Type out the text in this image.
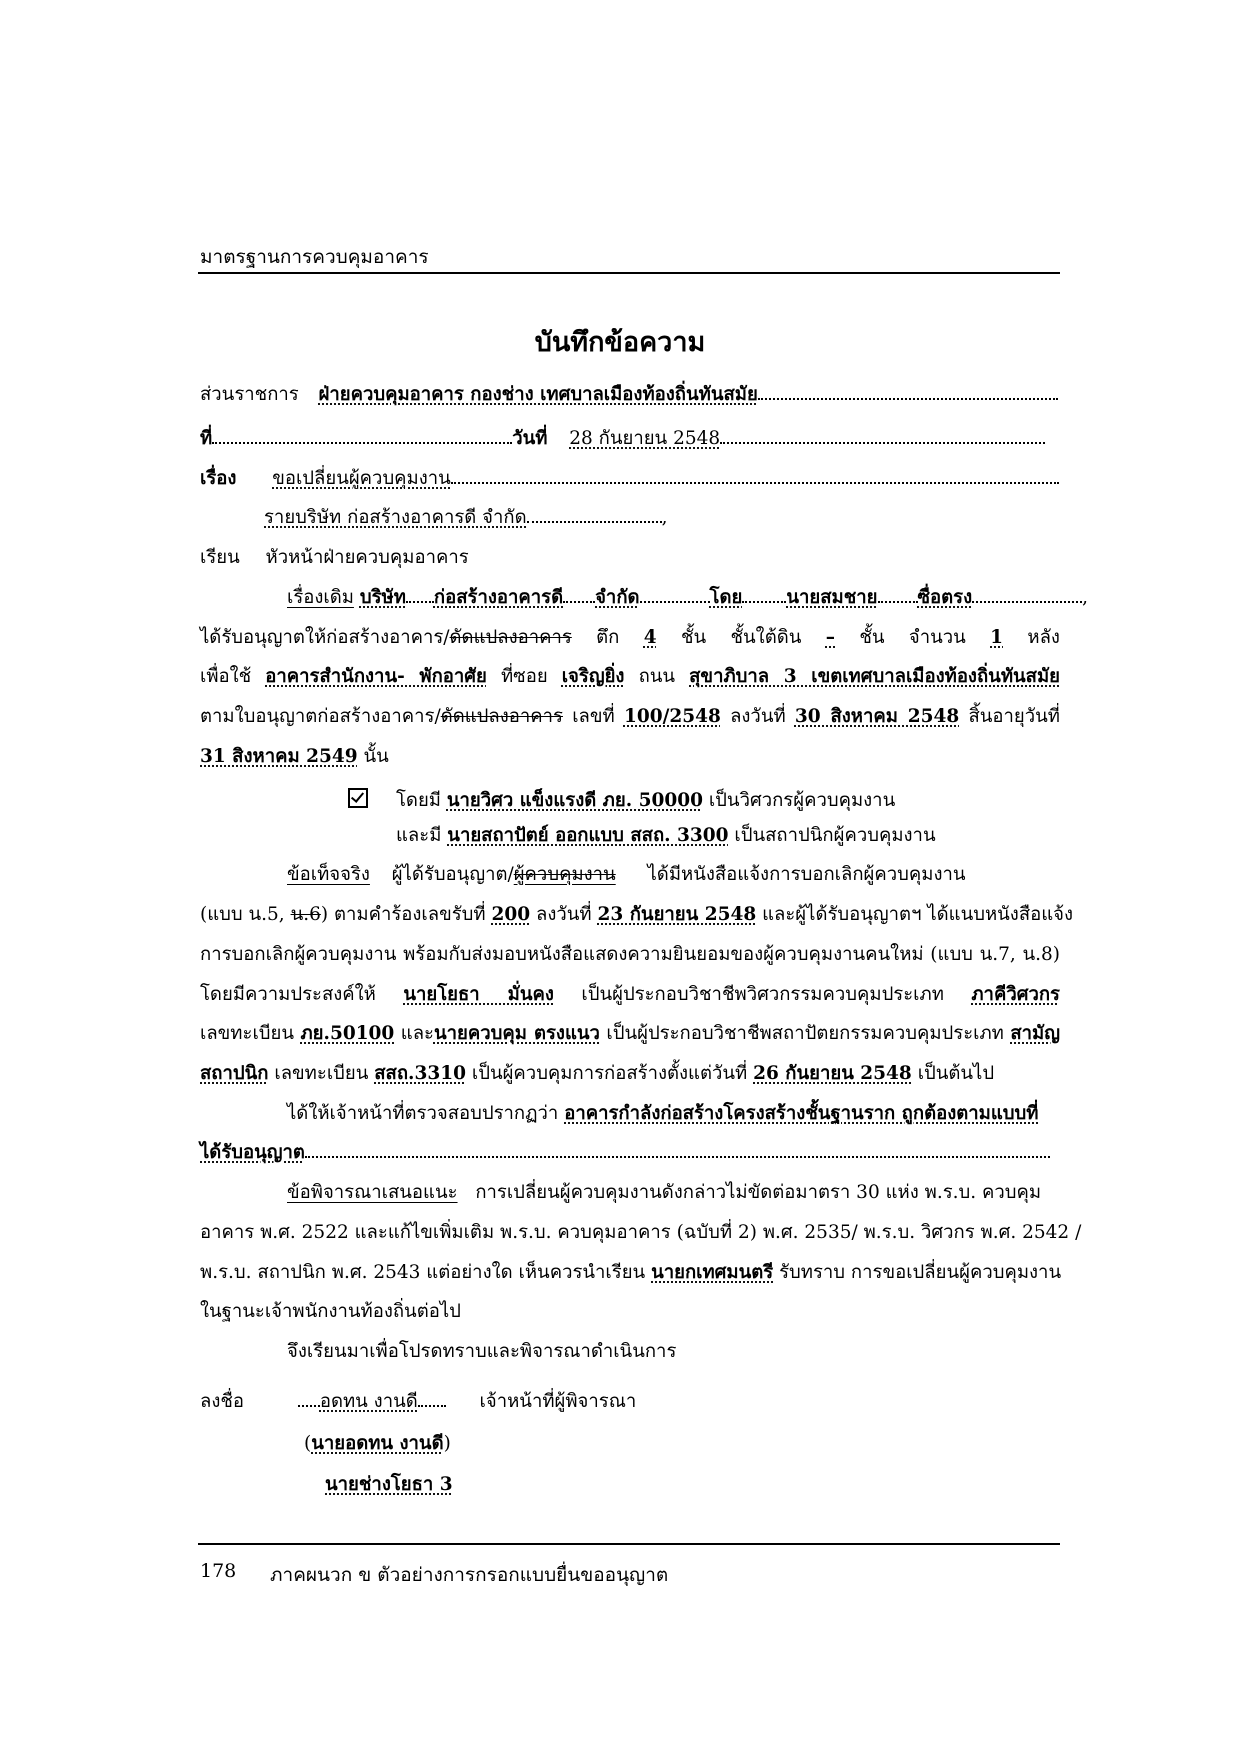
มาตรฐานการควบคุมอาคาร
บันทึกข้อความ
ส่วนราชการ ฝ่ายควบคุมอาคาร กองช่าง เทศบาลเมืองท้องถิ่นทันสมัย
ที่	วันที่ 28 กันยายน 2548
เรื่อง ขอเปลี่ยนผู้ควบคุมงาน
รายบริษัท ก่อสร้างอาคารดี จำกัด	,
เรียน หัวหน้าฝ่ายควบคุมอาคาร
เรื่องเดิม บริษัท ก่อสร้างอาคารดี จำกัด	โดย นายสมชาย ซื่อตรง	,
ได้รับอนุญาตให้ก่อสร้างอาคาร/ดัดแปลงอาคาร ตึก 4 ชั้น ชั้นใต้ดิน – ชั้น จำนวน 1 หลัง
เพื่อใช้ อาคารสำนักงาน- พักอาศัย ที่ซอย เจริญยิ่ง ถนน สุขาภิบาล 3 เขตเทศบาลเมืองท้องถิ่นทันสมัย
ตามใบอนุญาตก่อสร้างอาคาร/ดัดแปลงอาคาร เลขที่ 100/2548 ลงวันที่ 30 สิงหาคม 2548 สิ้นอายุวันที่
31 สิงหาคม 2549 นั้น
โดยมี นายวิศว แข็งแรงดี ภย. 50000 เป็นวิศวกรผู้ควบคุมงาน
และมี นายสถาปัตย์ ออกแบบ สสถ. 3300 เป็นสถาปนิกผู้ควบคุมงาน
ข้อเท็จจริง ผู้ได้รับอนุญาต/ผู้ควบคุมงาน ได้มีหนังสือแจ้งการบอกเลิกผู้ควบคุมงาน
(แบบ น.5, น.6) ตามคำร้องเลขรับที่ 200 ลงวันที่ 23 กันยายน 2548 และผู้ได้รับอนุญาตฯ ได้แนบหนังสือแจ้ง
การบอกเลิกผู้ควบคุมงาน พร้อมกับส่งมอบหนังสือแสดงความยินยอมของผู้ควบคุมงานคนใหม่ (แบบ น.7, น.8)
โดยมีความประสงค์ให้ นายโยธา มั่นคง เป็นผู้ประกอบวิชาชีพวิศวกรรมควบคุมประเภท ภาคีวิศวกร
เลขทะเบียน ภย.50100 และนายควบคุม ตรงแนว เป็นผู้ประกอบวิชาชีพสถาปัตยกรรมควบคุมประเภท สามัญ
สถาปนิก เลขทะเบียน สสถ.3310 เป็นผู้ควบคุมการก่อสร้างตั้งแต่วันที่ 26 กันยายน 2548 เป็นต้นไป
ได้ให้เจ้าหน้าที่ตรวจสอบปรากฏว่า อาคารกำลังก่อสร้างโครงสร้างชั้นฐานราก ถูกต้องตามแบบที่
ได้รับอนุญาต
ข้อพิจารณาเสนอแนะ การเปลี่ยนผู้ควบคุมงานดังกล่าวไม่ขัดต่อมาตรา 30 แห่ง พ.ร.บ. ควบคุม
อาคาร พ.ศ. 2522 และแก้ไขเพิ่มเติม พ.ร.บ. ควบคุมอาคาร (ฉบับที่ 2) พ.ศ. 2535/ พ.ร.บ. วิศวกร พ.ศ. 2542 /
พ.ร.บ. สถาปนิก พ.ศ. 2543 แต่อย่างใด เห็นควรนำเรียน นายกเทศมนตรี รับทราบ การขอเปลี่ยนผู้ควบคุมงาน
ในฐานะเจ้าพนักงานท้องถิ่นต่อไป
จึงเรียนมาเพื่อโปรดทราบและพิจารณาดำเนินการ
ลงชื่อ	อดทน งานดี	เจ้าหน้าที่ผู้พิจารณา
(นายอดทน งานดี)
นายช่างโยธา 3
178 ภาคผนวก ข ตัวอย่างการกรอกแบบยื่นขออนุญาต
